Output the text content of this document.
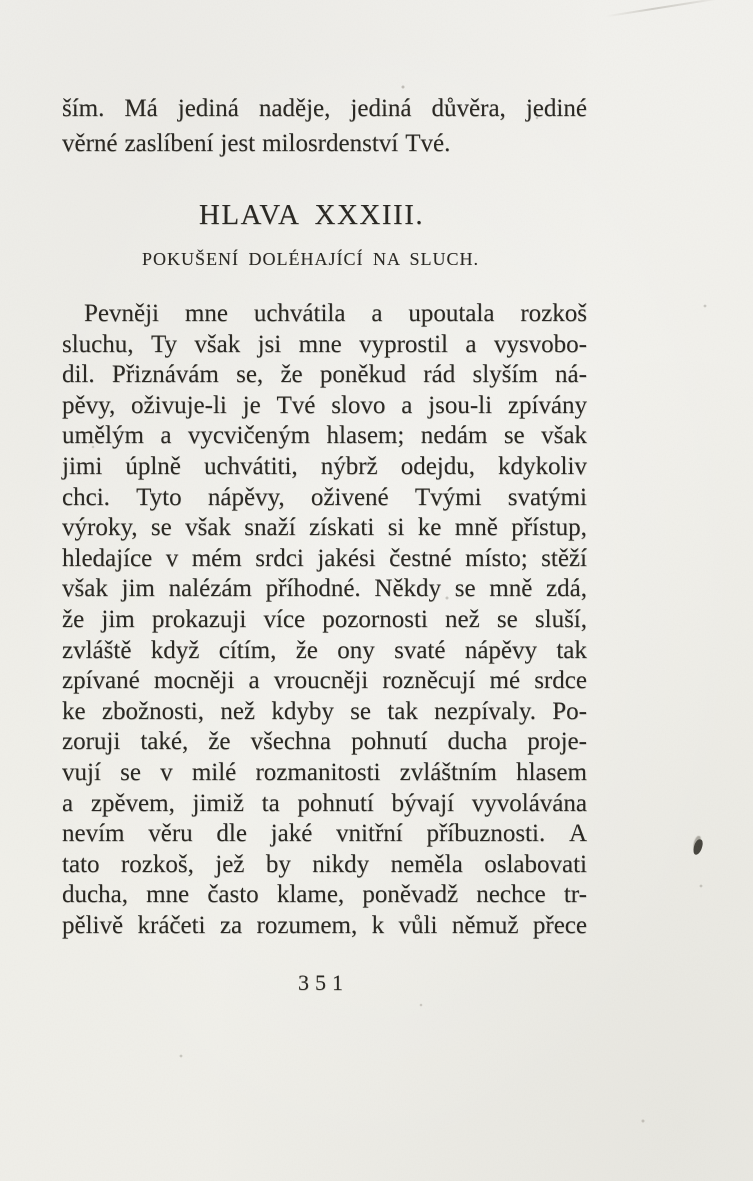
ším. Má jediná naděje, jediná důvěra, jediné
věrné zaslíbení jest milosrdenství Tvé.
HLAVA XXXIII.
POKUŠENÍ DOLÉHAJÍCÍ NA SLUCH.
Pevněji mne uchvátila a upoutala rozkoš
sluchu, Ty však jsi mne vyprostil a vysvobo-
dil. Přiznávám se, že poněkud rád slyším ná-
pěvy, oživuje-li je Tvé slovo a jsou-li zpívány
umělým a vycvičeným hlasem; nedám se však
jimi úplně uchvátiti, nýbrž odejdu, kdykoliv
chci. Tyto nápěvy, oživené Tvými svatými
výroky, se však snaží získati si ke mně přístup,
hledajíce v mém srdci jakési čestné místo; stěží
však jim nalézám příhodné. Někdy se mně zdá,
že jim prokazuji více pozornosti než se sluší,
zvláště když cítím, že ony svaté nápěvy tak
zpívané mocněji a vroucněji rozněcují mé srdce
ke zbožnosti, než kdyby se tak nezpívaly. Po-
zoruji také, že všechna pohnutí ducha proje-
vují se v milé rozmanitosti zvláštním hlasem
a zpěvem, jimiž ta pohnutí bývají vyvolávána
nevím věru dle jaké vnitřní příbuznosti. A
tato rozkoš, jež by nikdy neměla oslabovati
ducha, mne často klame, poněvadž nechce tr-
pělivě kráčeti za rozumem, k vůli němuž přece
351
